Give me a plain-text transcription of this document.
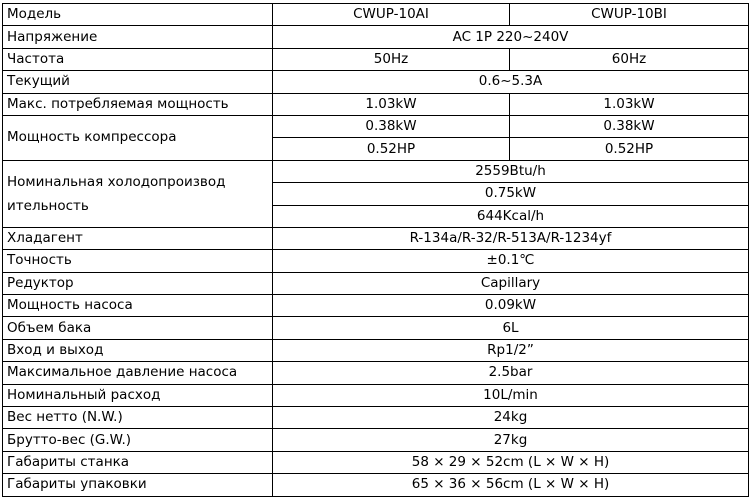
Модель	CWUP-10AI	CWUP-10BI
Напряжение	AC 1P 220~240V	
Частота	50Hz	60Hz
Текущий	0.6~5.3A	
Макс. потребляемая мощность	1.03kW	1.03kW
Мощность компрессора	0.38kW	0.38kW
	0.52HP	0.52HP
Номинальная холодопроизвод ительность	2559Btu/h	
	0.75kW	
	644Kcal/h	
Хладагент	R-134a/R-32/R-513A/R-1234yf	
Точность	±0.1℃	
Редуктор	Capillary	
Мощность насоса	0.09kW	
Объем бака	6L	
Вход и выход	Rp1/2”	
Максимальное давление насоса	2.5bar	
Номинальный расход	10L/min	
Вес нетто (N.W.)	24kg	
Брутто-вес (G.W.)	27kg	
Габариты станка	58 × 29 × 52cm (L × W × H)	
Габариты упаковки	65 × 36 × 56cm (L × W × H)	
